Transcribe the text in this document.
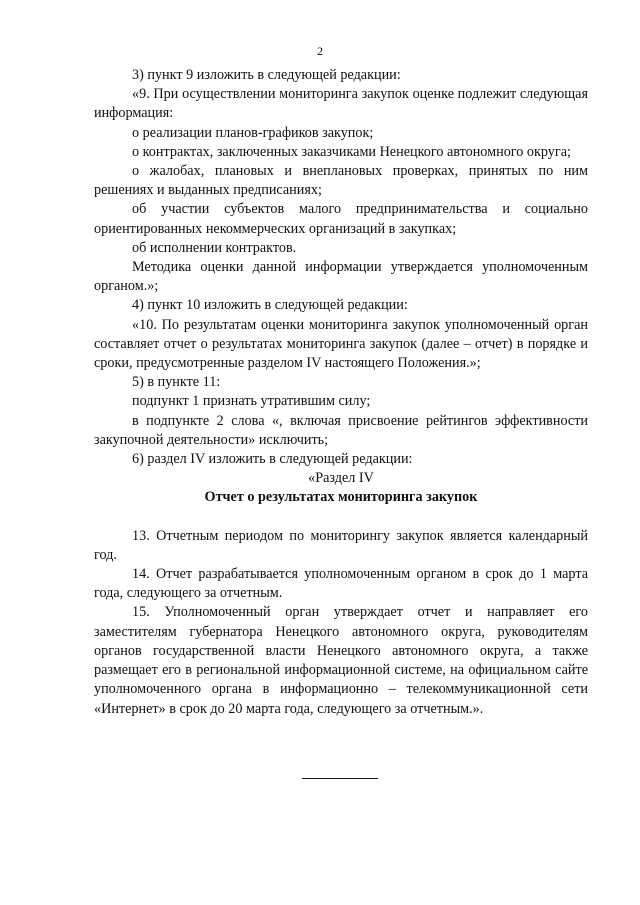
2

3) пункт 9 изложить в следующей редакции:

«9. При осуществлении мониторинга закупок оценке подлежит следующая информация:

о реализации планов-графиков закупок;

о контрактах, заключенных заказчиками Ненецкого автономного округа;

о жалобах, плановых и внеплановых проверках, принятых по ним решениях и выданных предписаниях;

об участии субъектов малого предпринимательства и социально ориентированных некоммерческих организаций в закупках;

об исполнении контрактов.

Методика оценки данной информации утверждается уполномоченным органом.»;

4) пункт 10 изложить в следующей редакции:

«10. По результатам оценки мониторинга закупок уполномоченный орган составляет отчет о результатах мониторинга закупок (далее – отчет) в порядке и сроки, предусмотренные разделом IV настоящего Положения.»;

5) в пункте 11:

подпункт 1 признать утратившим силу;

в подпункте 2 слова «, включая присвоение рейтингов эффективности закупочной деятельности» исключить;

6) раздел IV изложить в следующей редакции:

«Раздел IV

Отчет о результатах мониторинга закупок

13. Отчетным периодом по мониторингу закупок является календарный год.

14. Отчет разрабатывается уполномоченным органом в срок до 1 марта года, следующего за отчетным.

15. Уполномоченный орган утверждает отчет и направляет его заместителям губернатора Ненецкого автономного округа, руководителям органов государственной власти Ненецкого автономного округа, а также размещает его в региональной информационной системе, на официальном сайте уполномоченного органа в информационно – телекоммуникационной сети «Интернет» в срок до 20 марта года, следующего за отчетным.».
